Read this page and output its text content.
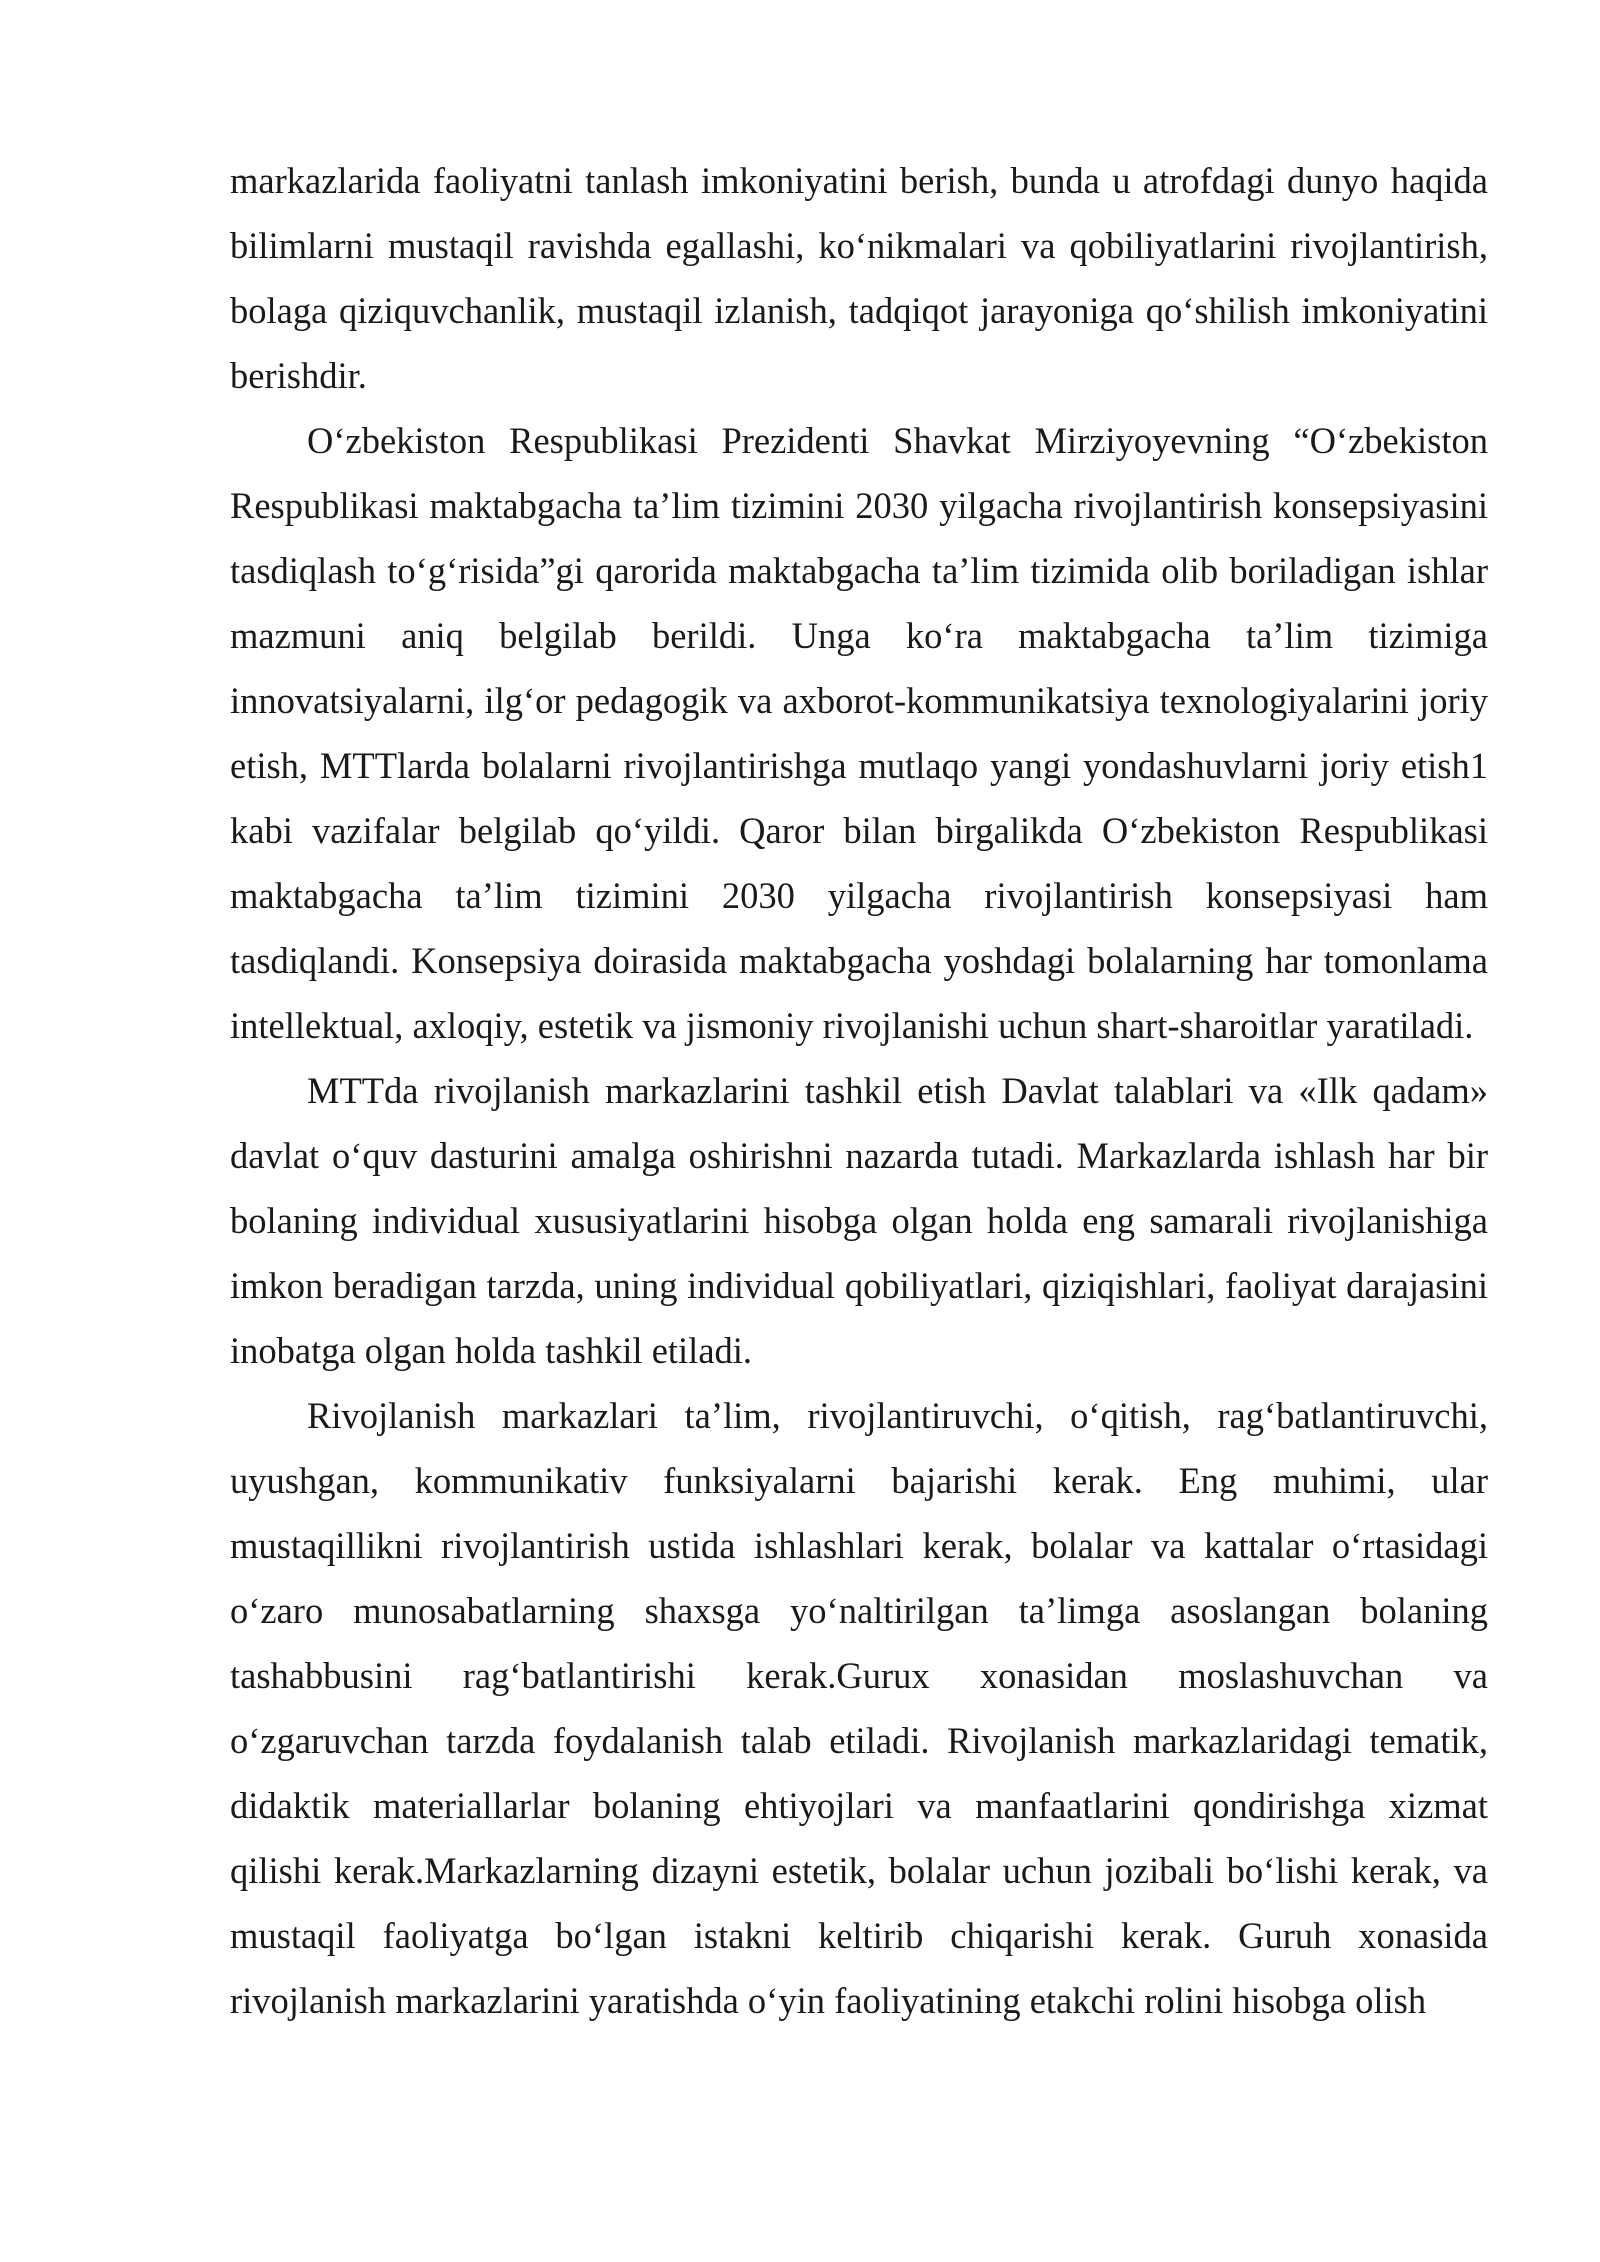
markazlarida faoliyatni tanlash imkoniyatini berish, bunda u atrofdagi dunyo haqida bilimlarni mustaqil ravishda egallashi, ko‘nikmalari va qobiliyatlarini rivojlantirish, bolaga qiziquvchanlik, mustaqil izlanish, tadqiqot jarayoniga qo‘shilish imkoniyatini berishdir.

O‘zbekiston Respublikasi Prezidenti Shavkat Mirziyoyevning “O‘zbekiston Respublikasi maktabgacha ta’lim tizimini 2030 yilgacha rivojlantirish konsepsiyasini tasdiqlash to‘g‘risida”gi qarorida maktabgacha ta’lim tizimida olib boriladigan ishlar mazmuni aniq belgilab berildi. Unga ko‘ra maktabgacha ta’lim tizimiga innovatsiyalarni, ilg‘or pedagogik va axborot-kommunikatsiya texnologiyalarini joriy etish, MTTlarda bolalarni rivojlantirishga mutlaqo yangi yondashuvlarni joriy etish1 kabi vazifalar belgilab qo‘yildi. Qaror bilan birgalikda O‘zbekiston Respublikasi maktabgacha ta’lim tizimini 2030 yilgacha rivojlantirish konsepsiyasi ham tasdiqlandi. Konsepsiya doirasida maktabgacha yoshdagi bolalarning har tomonlama intellektual, axloqiy, estetik va jismoniy rivojlanishi uchun shart-sharoitlar yaratiladi.

MTTda rivojlanish markazlarini tashkil etish Davlat talablari va «Ilk qadam» davlat o‘quv dasturini amalga oshirishni nazarda tutadi. Markazlarda ishlash har bir bolaning individual xususiyatlarini hisobga olgan holda eng samarali rivojlanishiga imkon beradigan tarzda, uning individual qobiliyatlari, qiziqishlari, faoliyat darajasini inobatga olgan holda tashkil etiladi.

Rivojlanish markazlari ta’lim, rivojlantiruvchi, o‘qitish, rag‘batlantiruvchi, uyushgan, kommunikativ funksiyalarni bajarishi kerak. Eng muhimi, ular mustaqillikni rivojlantirish ustida ishlashlari kerak, bolalar va kattalar o‘rtasidagi o‘zaro munosabatlarning shaxsga yo‘naltirilgan ta’limga asoslangan bolaning tashabbusini rag‘batlantirishi kerak.Gurux xonasidan moslashuvchan va o‘zgaruvchan tarzda foydalanish talab etiladi. Rivojlanish markazlaridagi tematik, didaktik materiallarlar bolaning ehtiyojlari va manfaatlarini qondirishga xizmat qilishi kerak.Markazlarning dizayni estetik, bolalar uchun jozibali bo‘lishi kerak, va mustaqil faoliyatga bo‘lgan istakni keltirib chiqarishi kerak. Guruh xonasida rivojlanish markazlarini yaratishda o‘yin faoliyatining etakchi rolini hisobga olish
